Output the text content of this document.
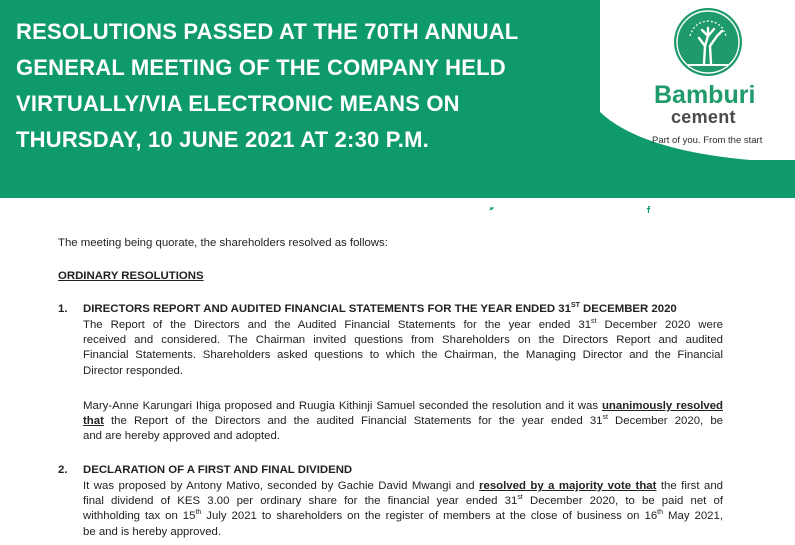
RESOLUTIONS PASSED AT THE 70TH ANNUAL
GENERAL MEETING OF THE COMPANY HELD
VIRTUALLY/VIA ELECTRONIC MEANS ON
THURSDAY, 10 JUNE 2021 AT 2:30 P.M.
Bamburi
cement
Part of you. From the start
Visit www.lafarge.co.ke for more information	BamburiCement BamburiCement BamburiCementLtd.LafargeHolcim
The meeting being quorate, the shareholders resolved as follows:
ORDINARY RESOLUTIONS
1. DIRECTORS REPORT AND AUDITED FINANCIAL STATEMENTS FOR THE YEAR ENDED 31ST DECEMBER 2020
The Report of the Directors and the Audited Financial Statements for the year ended 31st December 2020 were
received and considered. The Chairman invited questions from Shareholders on the Directors Report and audited
Financial Statements. Shareholders asked questions to which the Chairman, the Managing Director and the Financial
Director responded.
Mary-Anne Karungari Ihiga proposed and Ruugia Kithinji Samuel seconded the resolution and it was unanimously resolved
that the Report of the Directors and the audited Financial Statements for the year ended 31st December 2020, be
and are hereby approved and adopted.
2. DECLARATION OF A FIRST AND FINAL DIVIDEND
It was proposed by Antony Mativo, seconded by Gachie David Mwangi and resolved by a majority vote that the first and
final dividend of KES 3.00 per ordinary share for the financial year ended 31st December 2020, to be paid net of
withholding tax on 15th July 2021 to shareholders on the register of members at the close of business on 16th May 2021,
be and is hereby approved.
